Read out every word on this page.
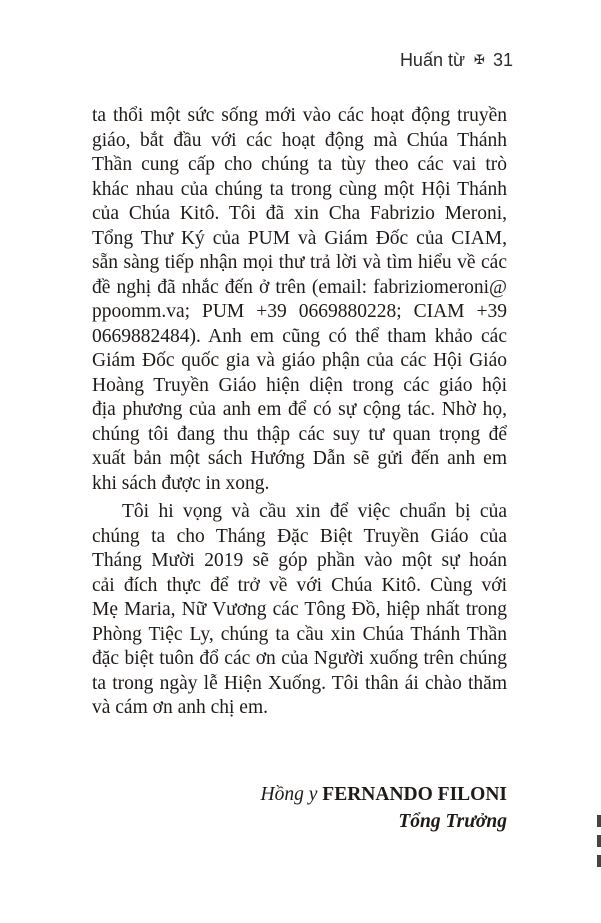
Huấn từ ✠ 31
ta thổi một sức sống mới vào các hoạt động truyền
giáo, bắt đầu với các hoạt động mà Chúa Thánh
Thần cung cấp cho chúng ta tùy theo các vai trò
khác nhau của chúng ta trong cùng một Hội Thánh
của Chúa Kitô. Tôi đã xin Cha Fabrizio Meroni,
Tổng Thư Ký của PUM và Giám Đốc của CIAM,
sẵn sàng tiếp nhận mọi thư trả lời và tìm hiểu về các
đề nghị đã nhắc đến ở trên (email: fabriziomeroni@
ppoomm.va; PUM +39 0669880228; CIAM +39
0669882484). Anh em cũng có thể tham khảo các
Giám Đốc quốc gia và giáo phận của các Hội Giáo
Hoàng Truyền Giáo hiện diện trong các giáo hội
địa phương của anh em để có sự cộng tác. Nhờ họ,
chúng tôi đang thu thập các suy tư quan trọng để
xuất bản một sách Hướng Dẫn sẽ gửi đến anh em
khi sách được in xong.
Tôi hi vọng và cầu xin để việc chuẩn bị của
chúng ta cho Tháng Đặc Biệt Truyền Giáo của
Tháng Mười 2019 sẽ góp phần vào một sự hoán
cải đích thực để trở về với Chúa Kitô. Cùng với
Mẹ Maria, Nữ Vương các Tông Đồ, hiệp nhất trong
Phòng Tiệc Ly, chúng ta cầu xin Chúa Thánh Thần
đặc biệt tuôn đổ các ơn của Người xuống trên chúng
ta trong ngày lễ Hiện Xuống. Tôi thân ái chào thăm
và cám ơn anh chị em.
Hồng y FERNANDO FILONI
Tổng Trưởng
